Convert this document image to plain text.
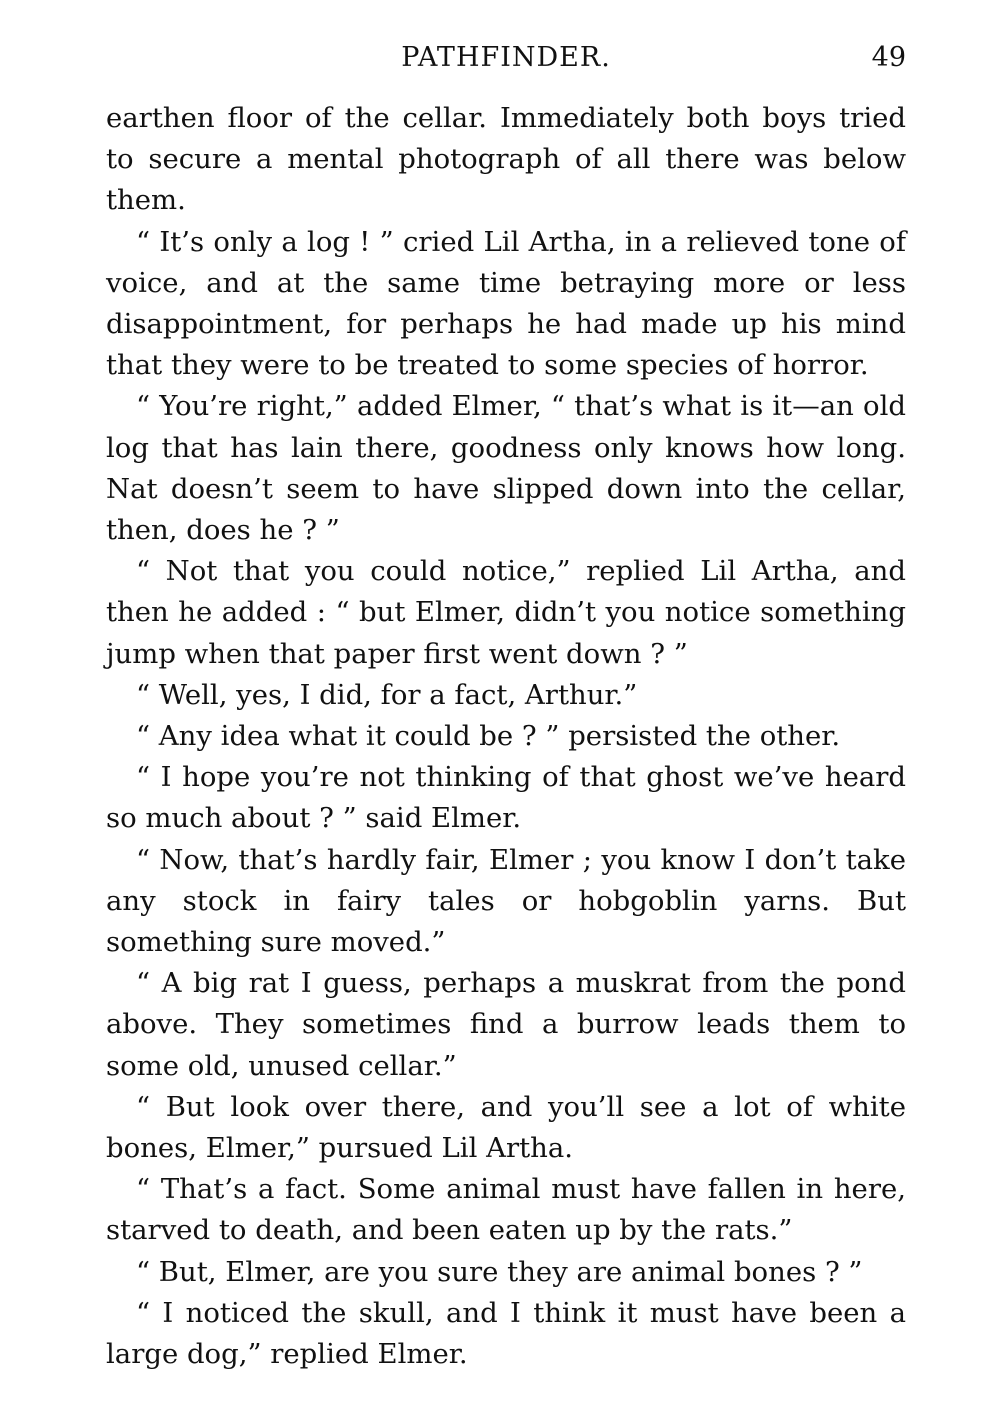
PATHFINDER.	49

earthen floor of the cellar. Immediately both boys tried to secure a mental photograph of all there was below them.

“ It’s only a log ! ” cried Lil Artha, in a relieved tone of voice, and at the same time betraying more or less disappointment, for perhaps he had made up his mind that they were to be treated to some species of horror.

“ You’re right,” added Elmer, “ that’s what is it—an old log that has lain there, goodness only knows how long. Nat doesn’t seem to have slipped down into the cellar, then, does he ? ”

“ Not that you could notice,” replied Lil Artha, and then he added : “ but Elmer, didn’t you notice something jump when that paper first went down ? ”

“ Well, yes, I did, for a fact, Arthur.”

“ Any idea what it could be ? ” persisted the other.

“ I hope you’re not thinking of that ghost we’ve heard so much about ? ” said Elmer.

“ Now, that’s hardly fair, Elmer ; you know I don’t take any stock in fairy tales or hobgoblin yarns. But something sure moved.”

“ A big rat I guess, perhaps a muskrat from the pond above. They sometimes find a burrow leads them to some old, unused cellar.”

“ But look over there, and you’ll see a lot of white bones, Elmer,” pursued Lil Artha.

“ That’s a fact. Some animal must have fallen in here, starved to death, and been eaten up by the rats.”

“ But, Elmer, are you sure they are animal bones ? ”

“ I noticed the skull, and I think it must have been a large dog,” replied Elmer.
